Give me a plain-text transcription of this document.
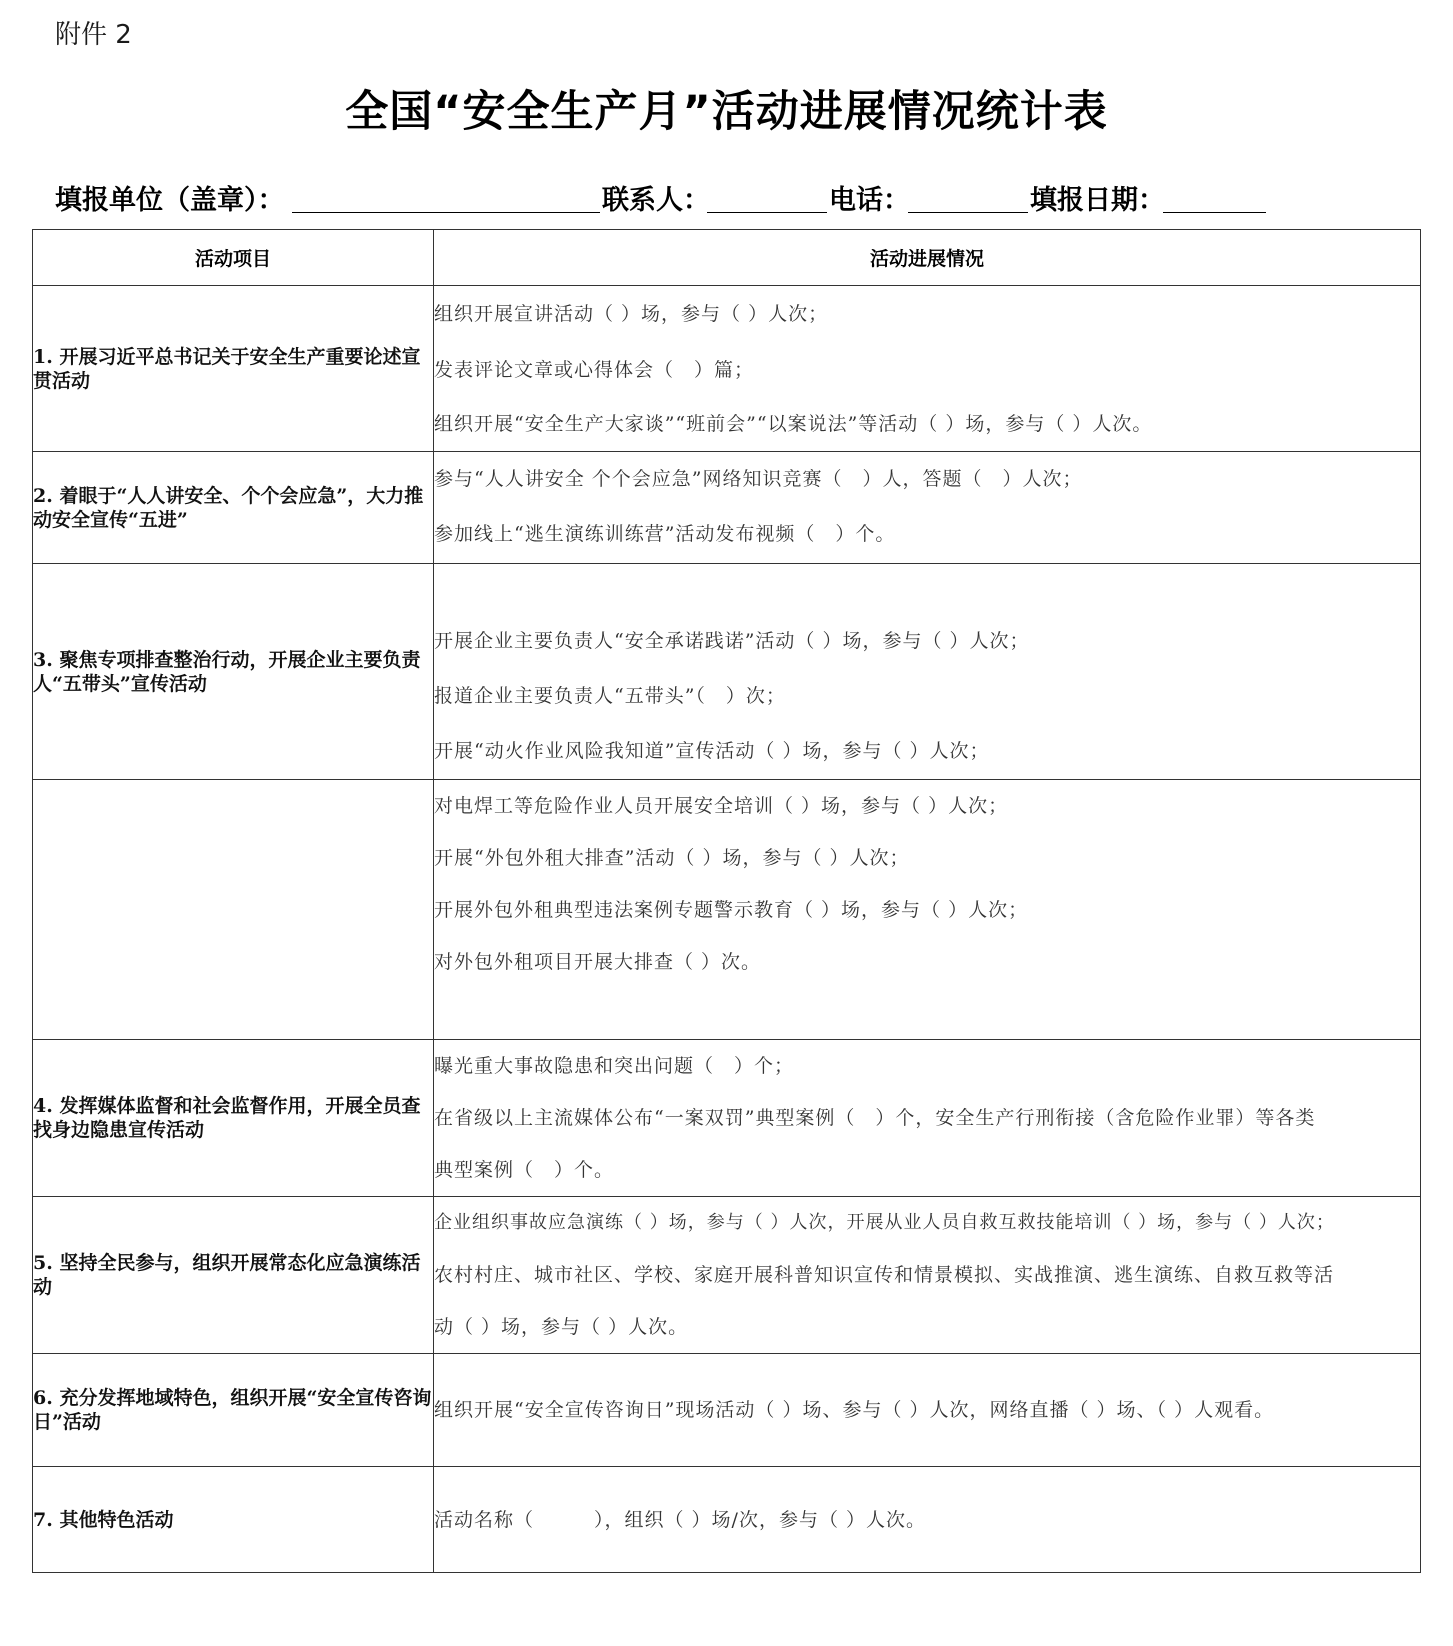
附件 2
全国“安全生产月”活动进展情况统计表
填报单位（盖章）：	联系人：	电话：	填报日期：
活动项目	活动进展情况
1. 开展习近平总书记关于安全生产重要论述宣贯活动	组织开展宣讲活动（ ）场，参与（ ）人次；
发表评论文章或心得体会（　）篇；
组织开展“安全生产大家谈”“班前会”“以案说法”等活动（ ）场，参与（ ）人次。

2. 着眼于“人人讲安全、个个会应急”，大力推动安全宣传“五进”	参与“人人讲安全 个个会应急”网络知识竞赛（　）人，答题（　）人次；
参加线上“逃生演练训练营”活动发布视频（　）个。

3. 聚焦专项排查整治行动，开展企业主要负责人“五带头”宣传活动	开展企业主要负责人“安全承诺践诺”活动（ ）场，参与（ ）人次；
报道企业主要负责人“五带头”（　）次；
开展“动火作业风险我知道”宣传活动（ ）场，参与（ ）人次；

	对电焊工等危险作业人员开展安全培训（ ）场，参与（ ）人次；
开展“外包外租大排查”活动（ ）场，参与（ ）人次；
开展外包外租典型违法案例专题警示教育（ ）场，参与（ ）人次；
对外包外租项目开展大排查（ ）次。

4. 发挥媒体监督和社会监督作用，开展全员查找身边隐患宣传活动	曝光重大事故隐患和突出问题（　）个；
在省级以上主流媒体公布“一案双罚”典型案例（　）个，安全生产行刑衔接（含危险作业罪）等各类
典型案例（　）个。

5. 坚持全民参与，组织开展常态化应急演练活动	企业组织事故应急演练（ ）场，参与（ ）人次，开展从业人员自救互救技能培训（ ）场，参与（ ）人次；
农村村庄、城市社区、学校、家庭开展科普知识宣传和情景模拟、实战推演、逃生演练、自救互救等活
动（ ）场，参与（ ）人次。

6. 充分发挥地域特色，组织开展“安全宣传咨询日”活动	组织开展“安全宣传咨询日”现场活动（ ）场、参与（ ）人次，网络直播（ ）场、（ ）人观看。

7. 其他特色活动	活动名称（　　　），组织（ ）场/次，参与（ ）人次。
